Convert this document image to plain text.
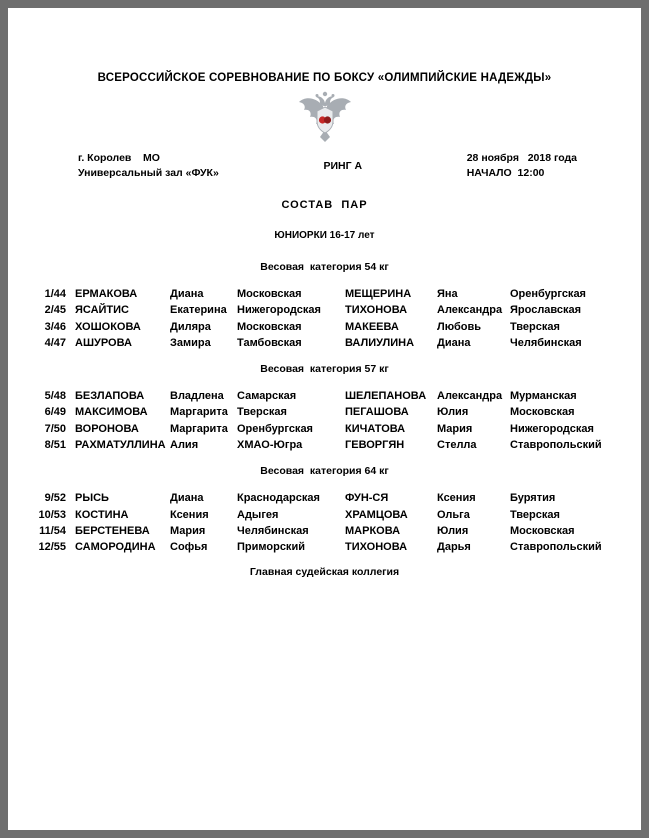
ВСЕРОССИЙСКОЕ СОРЕВНОВАНИЕ ПО БОКСУ «ОЛИМПИЙСКИЕ НАДЕЖДЫ»
г. Королев    МО
Универсальный зал «ФУК»
РИНГ А
28 ноября   2018 года
НАЧАЛО  12:00
СОСТАВ  ПАР
ЮНИОРКИ 16-17 лет
Весовая  категория 54 кг
1/44 ЕРМАКОВА	Диана	Московская	МЕЩЕРИНА	Яна	Оренбургская
2/45 ЯСАЙТИС	Екатерина Нижегородская	ТИХОНОВА	Александра Ярославская
3/46 ХОШОКОВА	Диляра	Московская	МАКЕЕВА	Любовь	Тверская
4/47 АШУРОВА	Замира	Тамбовская	ВАЛИУЛИНА	Диана	Челябинская
Весовая  категория 57 кг
5/48 БЕЗЛАПОВА	Владлена	Самарская	ШЕЛЕПАНОВА Александра Мурманская
6/49 МАКСИМОВА	Маргарита Тверская	ПЕГАШОВА	Юлия	Московская
7/50 ВОРОНОВА	Маргарита Оренбургская	КИЧАТОВА	Мария	Нижегородская
8/51 РАХМАТУЛЛИНА Алия	ХМАО-Югра	ГЕВОРГЯН	Стелла	Ставропольский
Весовая  категория 64 кг
9/52 РЫСЬ	Диана	Краснодарская	ФУН-СЯ	Ксения	Бурятия
10/53 КОСТИНА	Ксения	Адыгея	ХРАМЦОВА	Ольга	Тверская
11/54 БЕРСТЕНЕВА	Мария	Челябинская	МАРКОВА	Юлия	Московская
12/55 САМОРОДИНА	Софья	Приморский	ТИХОНОВА	Дарья	Ставропольский
Главная судейская коллегия
